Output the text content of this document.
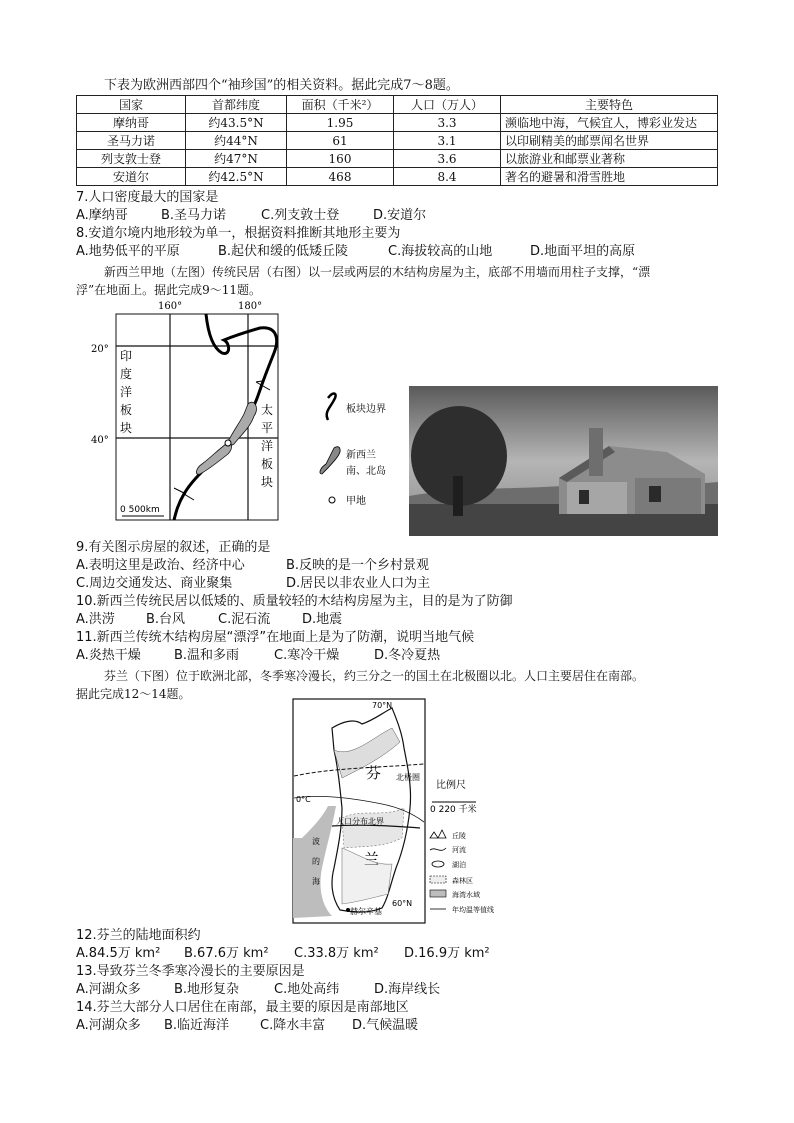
下表为欧洲西部四个“袖珍国”的相关资料。据此完成7～8题。
国家	首都纬度	面积（千米²）	人口（万人）	主要特色
摩纳哥	约43.5°N	1.95	3.3	濒临地中海，气候宜人，博彩业发达
圣马力诺	约44°N	61	3.1	以印刷精美的邮票闻名世界
列支敦士登	约47°N	160	3.6	以旅游业和邮票业著称
安道尔	约42.5°N	468	8.4	著名的避暑和滑雪胜地
7.人口密度最大的国家是
A.摩纳哥	B.圣马力诺	C.列支敦士登	D.安道尔
8.安道尔境内地形较为单一，根据资料推断其地形主要为
A.地势低平的平原	B.起伏和缓的低矮丘陵	C.海拔较高的山地	D.地面平坦的高原
新西兰甲地（左图）传统民居（右图）以一层或两层的木结构房屋为主，底部不用墙而用柱子支撑，“漂
浮”在地面上。据此完成9～11题。
160°	180°
20°
40°
印
度
洋
板
块
太
平
洋
板
块
0 500km
板块边界
新西兰
南、北岛
甲地
9.有关图示房屋的叙述，正确的是
A.表明这里是政治、经济中心	B.反映的是一个乡村景观
C.周边交通发达、商业聚集	D.居民以非农业人口为主
10.新西兰传统民居以低矮的、质量较轻的木结构房屋为主，目的是为了防御
A.洪涝 B.台风	C.泥石流 D.地震
11.新西兰传统木结构房屋“漂浮”在地面上是为了防潮，说明当地气候
A.炎热干燥	B.温和多雨	C.寒冷干燥	D.冬冷夏热
芬兰（下图）位于欧洲北部，冬季寒冷漫长，约三分之一的国土在北极圈以北。人口主要居住在南部。
据此完成12～14题。
70°N
北极圈
0°C
芬
兰
波
的
海
人口分布北界
赫尔辛基
60°N
比例尺
0 220 千米
丘陵
河流
湖泊
森林区
海湾水域
年均温等值线
12.芬兰的陆地面积约
A.84.5万 km² B.67.6万 km² C.33.8万 km² D.16.9万 km²
13.导致芬兰冬季寒冷漫长的主要原因是
A.河湖众多	B.地形复杂	C.地处高纬	D.海岸线长
14.芬兰大部分人口居住在南部，最主要的原因是南部地区
A.河湖众多 B.临近海洋 C.降水丰富 D.气候温暖
